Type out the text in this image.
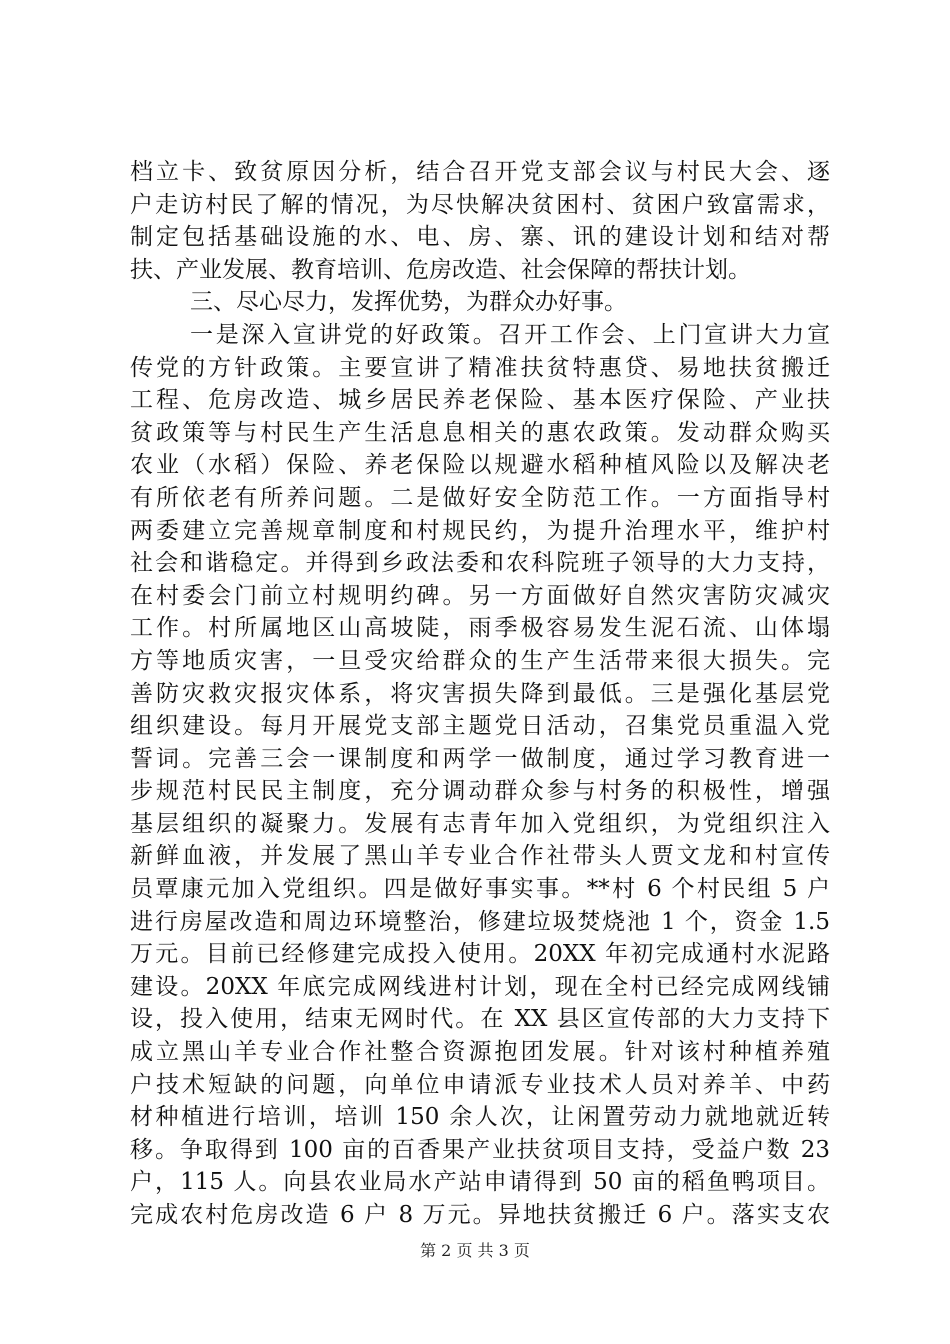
档立卡、致贫原因分析，结合召开党支部会议与村民大会、逐
户走访村民了解的情况，为尽快解决贫困村、贫困户致富需求，
制定包括基础设施的水、电、房、寨、讯的建设计划和结对帮
扶、产业发展、教育培训、危房改造、社会保障的帮扶计划。
三、尽心尽力，发挥优势，为群众办好事。
一是深入宣讲党的好政策。召开工作会、上门宣讲大力宣
传党的方针政策。主要宣讲了精准扶贫特惠贷、易地扶贫搬迁
工程、危房改造、城乡居民养老保险、基本医疗保险、产业扶
贫政策等与村民生产生活息息相关的惠农政策。发动群众购买
农业（水稻）保险、养老保险以规避水稻种植风险以及解决老
有所依老有所养问题。二是做好安全防范工作。一方面指导村
两委建立完善规章制度和村规民约，为提升治理水平，维护村
社会和谐稳定。并得到乡政法委和农科院班子领导的大力支持，
在村委会门前立村规明约碑。另一方面做好自然灾害防灾减灾
工作。村所属地区山高坡陡，雨季极容易发生泥石流、山体塌
方等地质灾害，一旦受灾给群众的生产生活带来很大损失。完
善防灾救灾报灾体系，将灾害损失降到最低。三是强化基层党
组织建设。每月开展党支部主题党日活动，召集党员重温入党
誓词。完善三会一课制度和两学一做制度，通过学习教育进一
步规范村民民主制度，充分调动群众参与村务的积极性，增强
基层组织的凝聚力。发展有志青年加入党组织，为党组织注入
新鲜血液，并发展了黑山羊专业合作社带头人贾文龙和村宣传
员覃康元加入党组织。四是做好事实事。**村 6 个村民组 5 户
进行房屋改造和周边环境整治，修建垃圾焚烧池 1 个，资金 1.5
万元。目前已经修建完成投入使用。20XX 年初完成通村水泥路
建设。20XX 年底完成网线进村计划，现在全村已经完成网线铺
设，投入使用，结束无网时代。在 XX 县区宣传部的大力支持下
成立黑山羊专业合作社整合资源抱团发展。针对该村种植养殖
户技术短缺的问题，向单位申请派专业技术人员对养羊、中药
材种植进行培训，培训 150 余人次，让闲置劳动力就地就近转
移。争取得到 100 亩的百香果产业扶贫项目支持，受益户数 23
户，115 人。向县农业局水产站申请得到 50 亩的稻鱼鸭项目。
完成农村危房改造 6 户 8 万元。异地扶贫搬迁 6 户。落实支农
第 2 页 共 3 页
